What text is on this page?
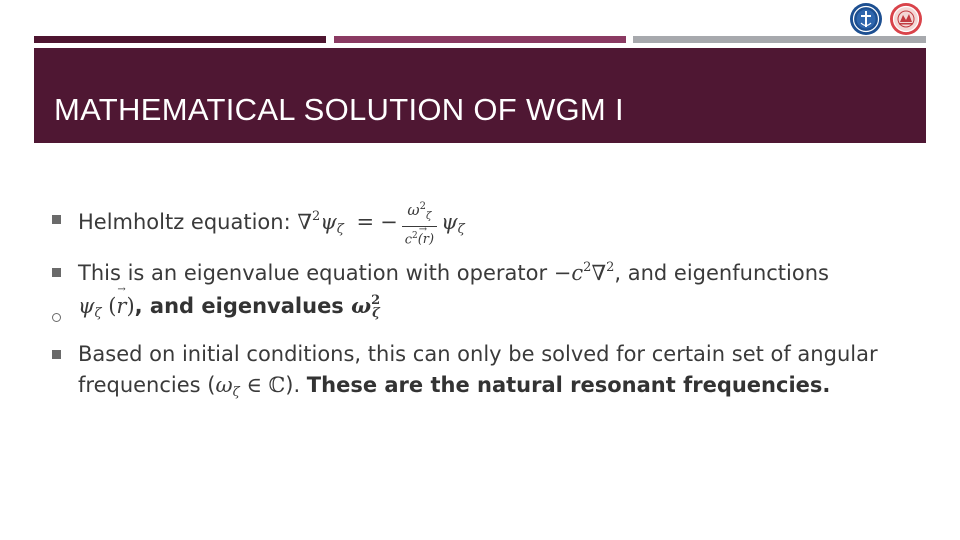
MATHEMATICAL SOLUTION OF WGM I
Helmholtz equation: $\nabla^2\psi_\zeta$ = − $\frac{\omega^2_\zeta}{c^2\to (r)} \psi_\zeta$
This is an eigenvalue equation with operator $-c^2\nabla^2$, and eigenfunctions
$\psi_\zeta$ (→ r), and eigenvalues $\omega^2_\zeta$
Based on initial conditions, this can only be solved for certain set of angular
frequencies ($\omega_\zeta$ ∈ ℂ). These are the natural resonant frequencies.
